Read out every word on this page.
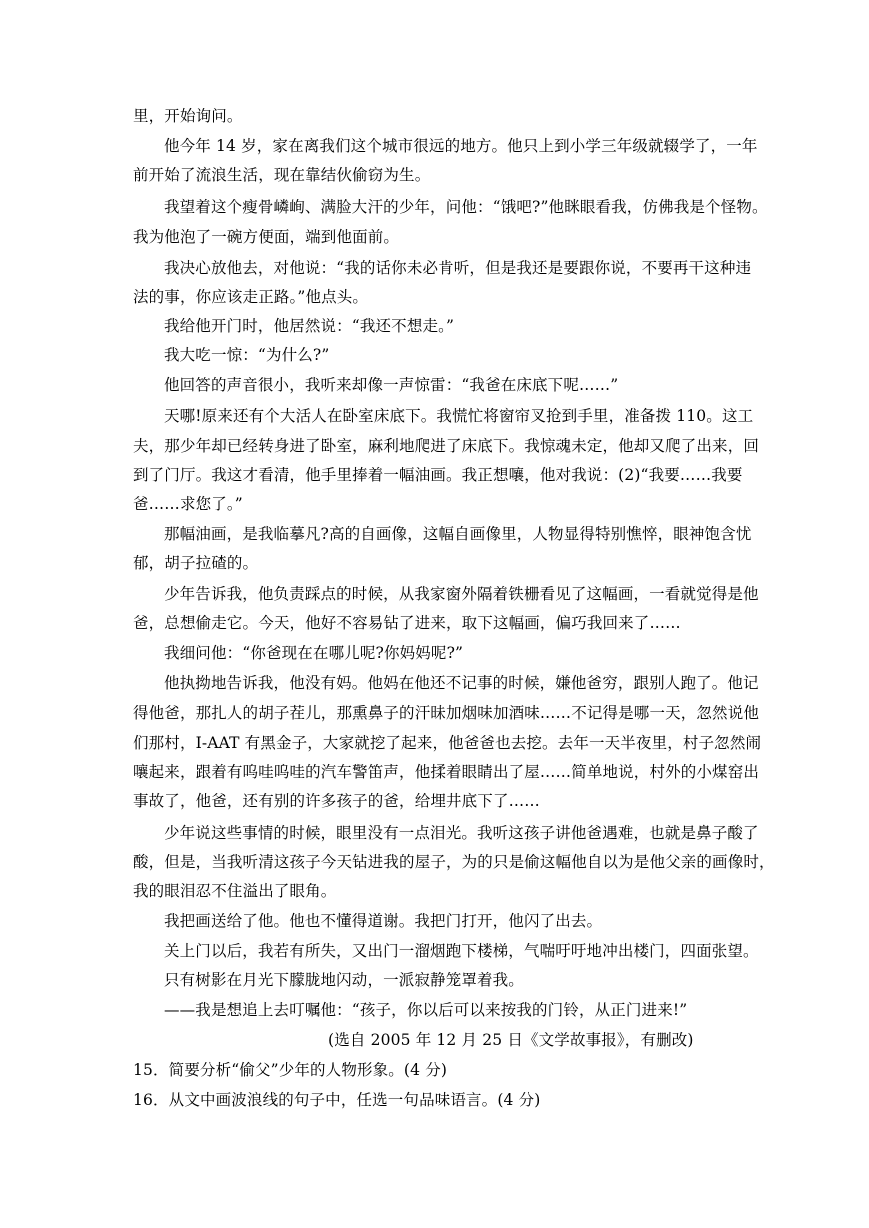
里，开始询问。
他今年 14 岁，家在离我们这个城市很远的地方。他只上到小学三年级就辍学了，一年
前开始了流浪生活，现在靠结伙偷窃为生。
我望着这个瘦骨嶙峋、满脸大汗的少年，问他：“饿吧?”他眯眼看我，仿佛我是个怪物。
我为他泡了一碗方便面，端到他面前。
我决心放他去，对他说：“我的话你未必肯听，但是我还是要跟你说，不要再干这种违
法的事，你应该走正路。”他点头。
我给他开门时，他居然说：“我还不想走。”
我大吃一惊：“为什么?”
他回答的声音很小，我听来却像一声惊雷：“我爸在床底下呢……”
天哪!原来还有个大活人在卧室床底下。我慌忙将窗帘叉抢到手里，准备拨 110。这工
夫，那少年却已经转身进了卧室，麻利地爬进了床底下。我惊魂未定，他却又爬了出来，回
到了门厅。我这才看清，他手里捧着一幅油画。我正想嚷，他对我说：(2)“我要……我要
爸……求您了。”
那幅油画，是我临摹凡?高的自画像，这幅自画像里，人物显得特别憔悴，眼神饱含忧
郁，胡子拉碴的。
少年告诉我，他负责踩点的时候，从我家窗外隔着铁栅看见了这幅画，一看就觉得是他
爸，总想偷走它。今天，他好不容易钻了进来，取下这幅画，偏巧我回来了……
我细问他：“你爸现在在哪儿呢?你妈妈呢?”
他执拗地告诉我，他没有妈。他妈在他还不记事的时候，嫌他爸穷，跟别人跑了。他记
得他爸，那扎人的胡子茬儿，那熏鼻子的汗昧加烟味加酒味……不记得是哪一天，忽然说他
们那村，I-AAT 有黑金子，大家就挖了起来，他爸爸也去挖。去年一天半夜里，村子忽然闹
嚷起来，跟着有呜哇呜哇的汽车警笛声，他揉着眼睛出了屋……简单地说，村外的小煤窑出
事故了，他爸，还有别的许多孩子的爸，给埋井底下了……
少年说这些事情的时候，眼里没有一点泪光。我听这孩子讲他爸遇难，也就是鼻子酸了
酸，但是，当我听清这孩子今天钻进我的屋子，为的只是偷这幅他自以为是他父亲的画像时，
我的眼泪忍不住溢出了眼角。
我把画送给了他。他也不懂得道谢。我把门打开，他闪了出去。
关上门以后，我若有所失，又出门一溜烟跑下楼梯，气喘吁吁地冲出楼门，四面张望。
只有树影在月光下朦胧地闪动，一派寂静笼罩着我。
——我是想追上去叮嘱他：“孩子，你以后可以来按我的门铃，从正门进来!”
(选自 2005 年 12 月 25 日《文学故事报》，有删改)
15．简要分析“偷父”少年的人物形象。(4 分)
16．从文中画波浪线的句子中，任选一句品味语言。(4 分)
